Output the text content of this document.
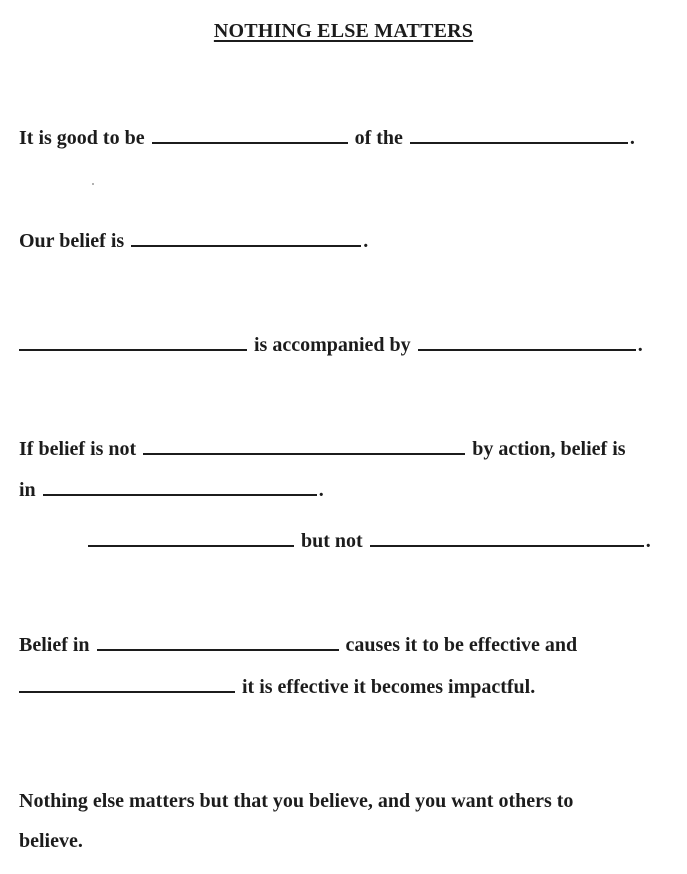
NOTHING ELSE MATTERS
It is good to be	of the	.
Our belief is	.
is accompanied by	.
If belief is not	by action, belief is
in	.
but not	.
Belief in	causes it to be effective and
it is effective it becomes impactful.
Nothing else matters but that you believe, and you want others to
believe.
